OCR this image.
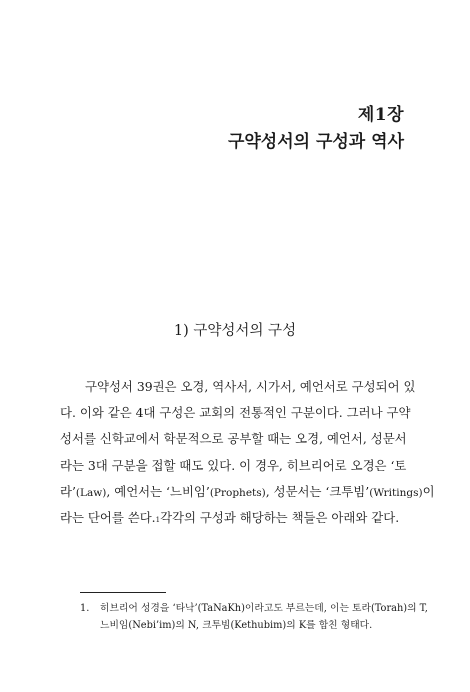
제1장
구약성서의 구성과 역사
1) 구약성서의 구성
구약성서 39권은 오경, 역사서, 시가서, 예언서로 구성되어 있
다. 이와 같은 4대 구성은 교회의 전통적인 구분이다. 그러나 구약
성서를 신학교에서 학문적으로 공부할 때는 오경, 예언서, 성문서
라는 3대 구분을 접할 때도 있다. 이 경우, 히브리어로 오경은 ‘토
라’(Law), 예언서는 ‘느비임’(Prophets), 성문서는 ‘크투빔’(Writings)이
라는 단어를 쓴다. 1 각각의 구성과 해당하는 책들은 아래와 같다.
1.	히브리어 성경을 ‘타낙’(TaNaKh)이라고도 부르는데, 이는 토라(Torah)의 T,
느비임(Nebi’im)의 N, 크투빔(Kethubim)의 K를 합친 형태다.
